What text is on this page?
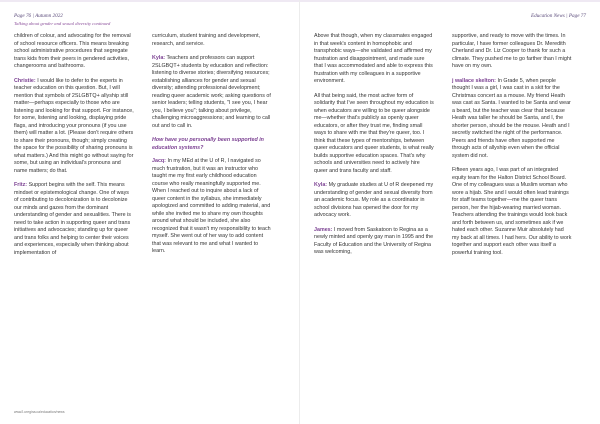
Page 76 | Autumn 2022
Talking about gender and sexual diversity continued

children of colour, and advocating for the removal of school resource officers. This means breaking school administrative procedures that segregate trans kids from their peers in gendered activities, changerooms and bathrooms.

Christie: I would like to defer to the experts in teacher education on this question. But, I will mention that symbols of 2SLGBTQ+ allyship still matter—perhaps especially to those who are listening and looking for that support. For instance, for some, listening and looking, displaying pride flags, and introducing your pronouns (if you use them) will matter a lot. (Please don't require others to share their pronouns, though; simply creating the space for the possibility of sharing pronouns is what matters.) And this might go without saying for some, but using an individual's pronouns and name matters; do that.

Fritz: Support begins with the self. This means mindset or epistemological change. One of ways of contributing to decolonization is to decolonize our minds and gazes from the dominant understanding of gender and sexualities. There is need to take action in supporting queer and trans initiatives and advocacies; standing up for queer and trans folks and helping to center their voices and experiences, especially when thinking about implementation of

curriculum, student training and development, research, and service.

Kyla: Teachers and professors can support 2SLGBQT+ students by education and reflection: listening to diverse stories; diversifying resources; establishing alliances for gender and sexual diversity; attending professional development; reading queer academic work; asking questions of senior leaders; telling students, "I see you, I hear you, I believe you"; talking about privilege, challenging microaggressions; and learning to call out and to call in.

How have you personally been supported in education systems?

Jacq: In my MEd at the U of R, I navigated so much frustration, but it was an instructor who taught me my first early childhood education course who really meaningfully supported me. When I reached out to inquire about a lack of queer content in the syllabus, she immediately apologized and committed to adding material, and while she invited me to share my own thoughts around what should be included, she also recognized that it wasn't my responsibility to teach myself. She went out of her way to add content that was relevant to me and what I wanted to learn.

www2.uregina.ca/education/news
Education News | Page 77

Above that though, when my classmates engaged in that week's content in homophobic and transphobic ways—she validated and affirmed my frustration and disappointment, and made sure that I was accommodated and able to express this frustration with my colleagues in a supportive environment.

All that being said, the most active form of solidarity that I've seen throughout my education is when educators are willing to be queer alongside me—whether that's publicly as openly queer educators, or after they trust me, finding small ways to share with me that they're queer, too. I think that these types of mentorships, between queer educators and queer students, is what really builds supportive education spaces. That's why schools and universities need to actively hire queer and trans faculty and staff.

Kyla: My graduate studies at U of R deepened my understanding of gender and sexual diversity from an academic focus. My role as a coordinator in school divisions has opened the door for my advocacy work.

James: I moved from Saskatoon to Regina as a newly minted and openly gay man in 1995 and the Faculty of Education and the University of Regina was welcoming,

supportive, and ready to move with the times. In particular, I have former colleagues Dr. Meredith Cherland and Dr. Liz Cooper to thank for such a climate. They pushed me to go farther than I might have on my own.

j wallace skelton: In Grade 5, when people thought I was a girl, I was cast in a skit for the Christmas concert as a mouse. My friend Heath was cast as Santa. I wanted to be Santa and wear a beard, but the teacher was clear that because Heath was taller he should be Santa, and I, the shorter person, should be the mouse. Heath and I secretly switched the night of the performance. Peers and friends have often supported me through acts of allyship even when the official system did not.

Fifteen years ago, I was part of an integrated equity team for the Halton District School Board. One of my colleagues was a Muslim woman who wore a hijab. She and I would often lead trainings for staff teams together—me the queer trans person, her the hijab-wearing married woman. Teachers attending the trainings would look back and forth between us, and sometimes ask if we hated each other. Suzanne Muir absolutely had my back at all times. I had hers. Our ability to work together and support each other was itself a powerful training tool.
